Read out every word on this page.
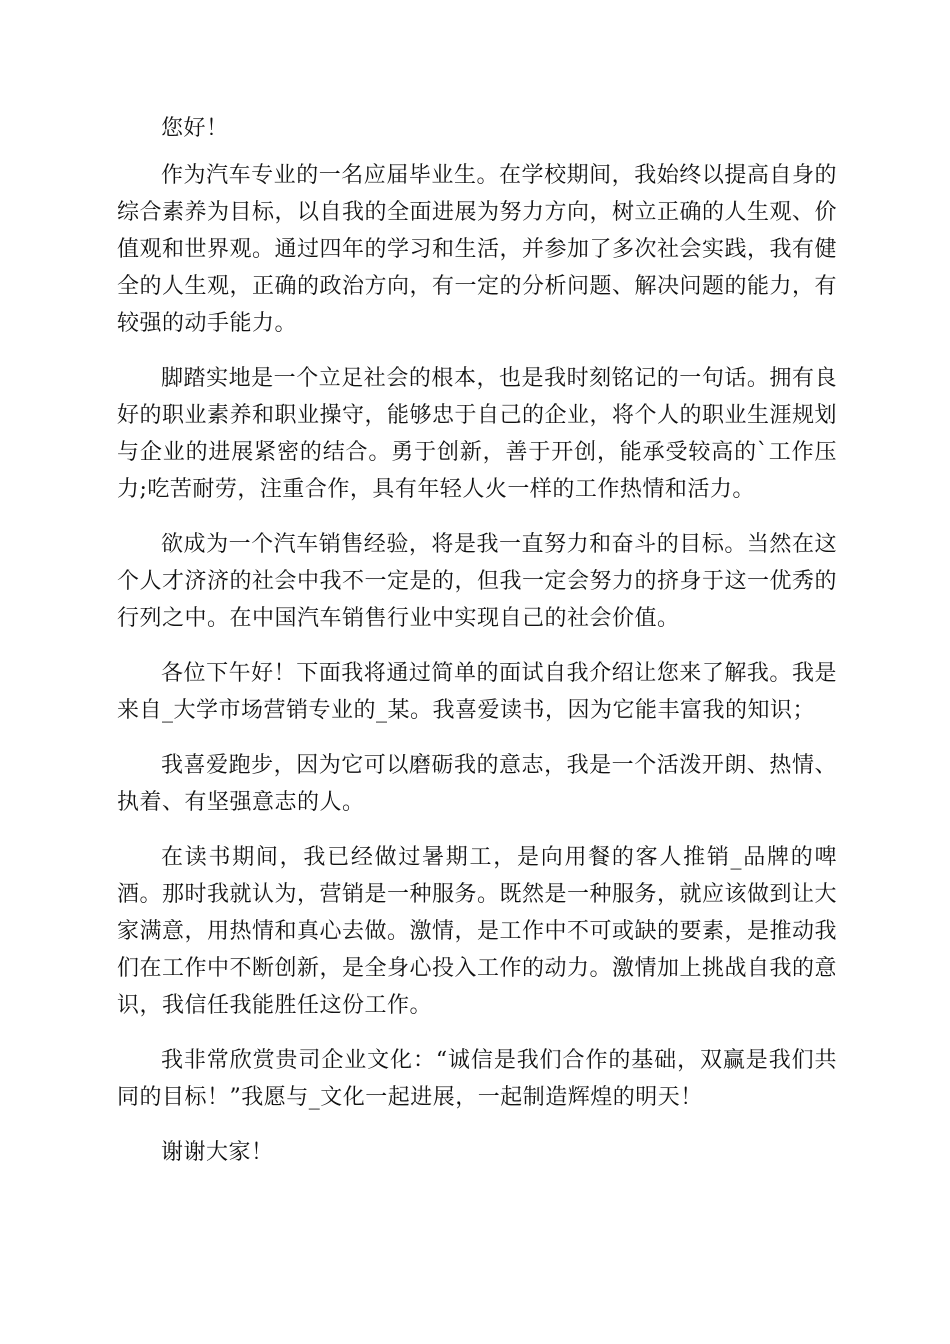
您好！

作为汽车专业的一名应届毕业生。在学校期间，我始终以提高自身的综合素养为目标，以自我的全面进展为努力方向，树立正确的人生观、价值观和世界观。通过四年的学习和生活，并参加了多次社会实践，我有健全的人生观，正确的政治方向，有一定的分析问题、解决问题的能力，有较强的动手能力。

脚踏实地是一个立足社会的根本，也是我时刻铭记的一句话。拥有良好的职业素养和职业操守，能够忠于自己的企业，将个人的职业生涯规划与企业的进展紧密的结合。勇于创新，善于开创，能承受较高的`工作压力;吃苦耐劳，注重合作，具有年轻人火一样的工作热情和活力。

欲成为一个汽车销售经验，将是我一直努力和奋斗的目标。当然在这个人才济济的社会中我不一定是的，但我一定会努力的挤身于这一优秀的行列之中。在中国汽车销售行业中实现自己的社会价值。

各位下午好！下面我将通过简单的面试自我介绍让您来了解我。我是来自_大学市场营销专业的_某。我喜爱读书，因为它能丰富我的知识；

我喜爱跑步，因为它可以磨砺我的意志，我是一个活泼开朗、热情、执着、有坚强意志的人。

在读书期间，我已经做过暑期工，是向用餐的客人推销_品牌的啤酒。那时我就认为，营销是一种服务。既然是一种服务，就应该做到让大家满意，用热情和真心去做。激情，是工作中不可或缺的要素，是推动我们在工作中不断创新，是全身心投入工作的动力。激情加上挑战自我的意识，我信任我能胜任这份工作。

我非常欣赏贵司企业文化：“诚信是我们合作的基础，双赢是我们共同的目标！”我愿与_文化一起进展，一起制造辉煌的明天！

谢谢大家！
